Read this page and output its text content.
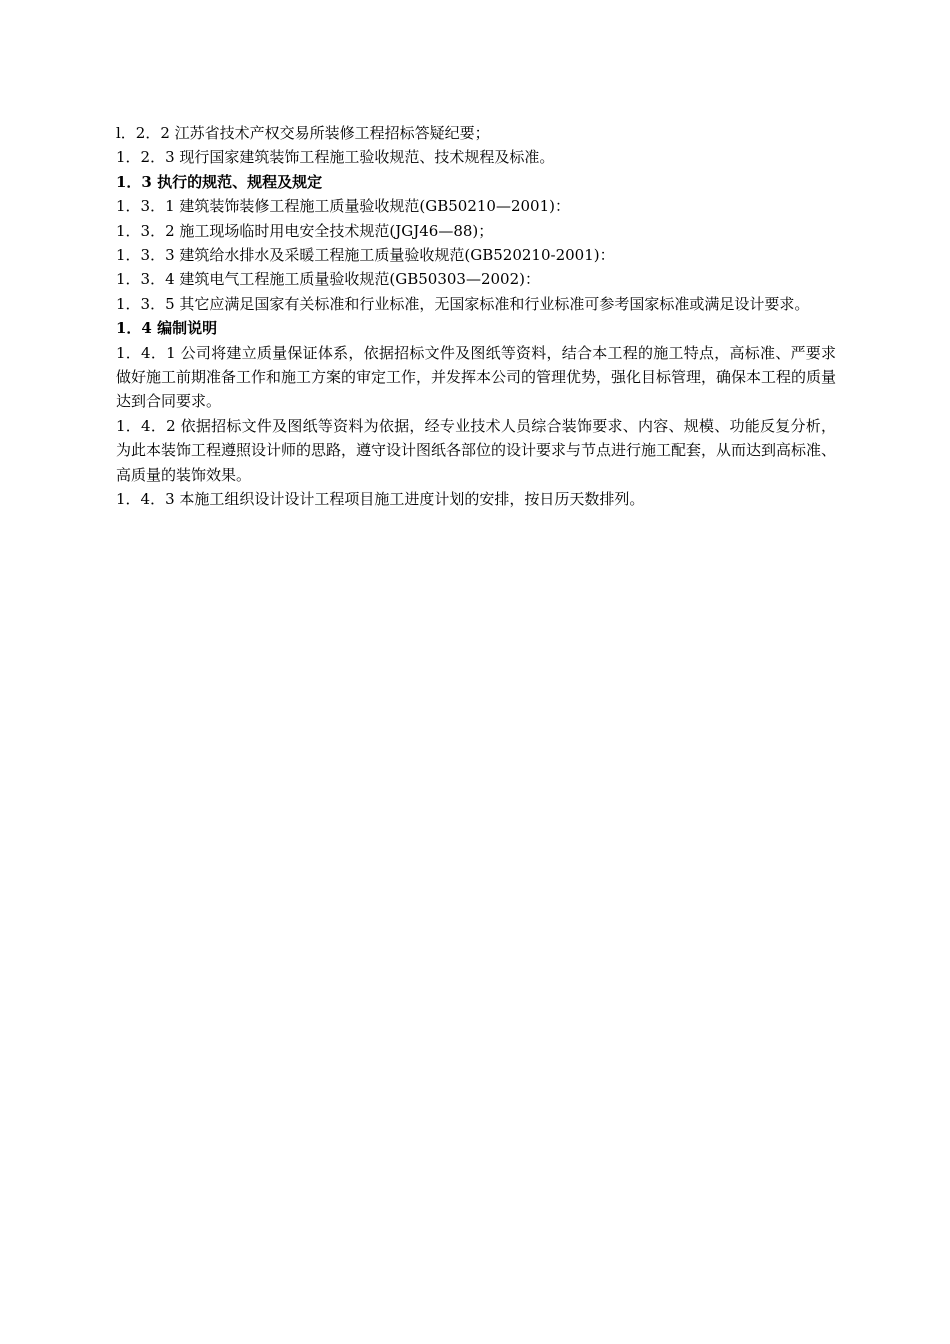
l．2．2 江苏省技术产权交易所装修工程招标答疑纪要；
1．2．3 现行国家建筑装饰工程施工验收规范、技术规程及标准。
1．3 执行的规范、规程及规定
1．3．1 建筑装饰装修工程施工质量验收规范(GB50210—2001)：
1．3．2 施工现场临时用电安全技术规范(JGJ46—88)；
1．3．3 建筑给水排水及采暖工程施工质量验收规范(GB520210-2001)：
1．3．4 建筑电气工程施工质量验收规范(GB50303—2002)：
1．3．5 其它应满足国家有关标准和行业标准，无国家标准和行业标准可参考国家标准或满足设计要求。
1．4 编制说明
1．4．1 公司将建立质量保证体系，依据招标文件及图纸等资料，结合本工程的施工特点，高标准、严要求做好施工前期准备工作和施工方案的审定工作，并发挥本公司的管理优势，强化目标管理，确保本工程的质量达到合同要求。
1．4．2 依据招标文件及图纸等资料为依据，经专业技术人员综合装饰要求、内容、规模、功能反复分析，为此本装饰工程遵照设计师的思路，遵守设计图纸各部位的设计要求与节点进行施工配套，从而达到高标准、高质量的装饰效果。
1．4．3 本施工组织设计设计工程项目施工进度计划的安排，按日历天数排列。
